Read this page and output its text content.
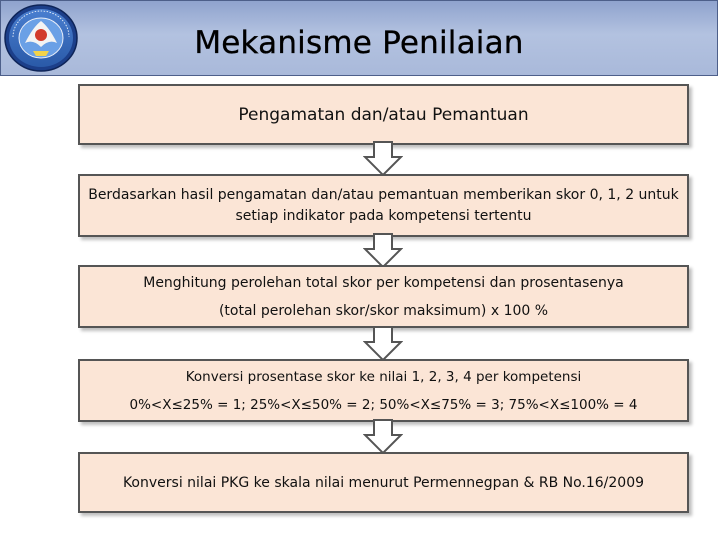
Mekanisme Penilaian
Pengamatan dan/atau Pemantuan
Berdasarkan hasil pengamatan dan/atau pemantuan memberikan skor 0, 1, 2 untuk setiap indikator pada kompetensi tertentu
Menghitung perolehan total skor per kompetensi dan prosentasenya
(total perolehan skor/skor maksimum) x 100 %
Konversi prosentase skor ke nilai 1, 2, 3, 4 per kompetensi
0%<X≤25% = 1; 25%<X≤50% = 2; 50%<X≤75% = 3; 75%<X≤100% = 4
Konversi nilai PKG ke skala nilai menurut Permennegpan & RB No.16/2009
